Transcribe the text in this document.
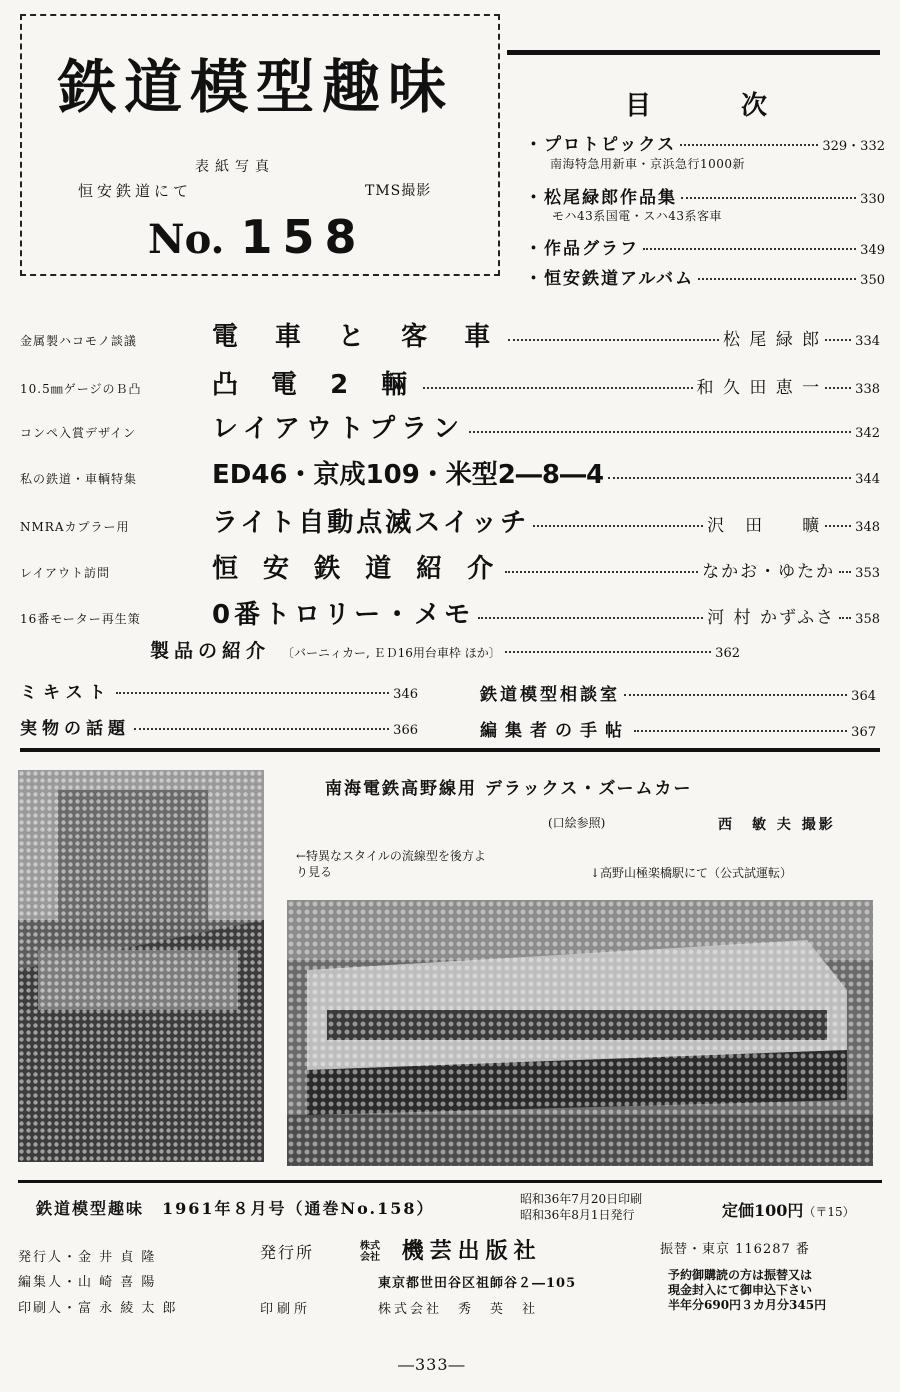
鉄道模型趣味
表紙写真
恒安鉄道にて	TMS撮影
No. 158
目次
・プロトピックス	329・332
南海特急用新車・京浜急行1000新
・松尾緑郎作品集	330
モハ43系国電・スハ43系客車
・作品グラフ	349
・恒安鉄道アルバム	350
金属製ハコモノ談議	電 車 と 客 車	松 尾 緑 郎	334
10.5㎜ゲージのＢ凸	凸 電 2 輛	和 久 田 恵 一	338
コンペ入賞デザイン	レイアウトプラン	342
私の鉄道・車輌特集	ED46・京成109・米型2―8―4	344
NMRAカプラー用	ライト自動点滅スイッチ	沢　田　　曠	348
レイアウト訪問	恒 安 鉄 道 紹 介	なかお・ゆたか 353
16番モーター再生策	0番トロリー・メモ	河 村 かずふさ 358
製品の紹介 〔バーニィカー, ＥＤ16用台車枠 ほか〕	362
ミキスト	346	鉄道模型相談室	364
実物の話題	366	編集者の手帖	367
南海電鉄高野線用 デラックス・ズームカー
(口絵参照)	西　敏 夫 撮影
←特異なスタイルの流線型を後方より見る	↓高野山極楽橋駅にて（公式試運転）
鉄道模型趣味　1961年８月号（通巻No.158）	昭和36年7月20日印刷
昭和36年8月1日発行	定価100円（〒15）
発行人・金 井 貞 隆
編集人・山 崎 喜 陽
印刷人・富 永 綾 太 郎
発行所	株式会社 機芸出版社
東京都世田谷区祖師谷２―105
印刷所	株式会社　秀　英　社
振替・東京 116287 番
予約御購読の方は振替又は
現金封入にて御申込下さい
半年分690円３カ月分345円
―333―
